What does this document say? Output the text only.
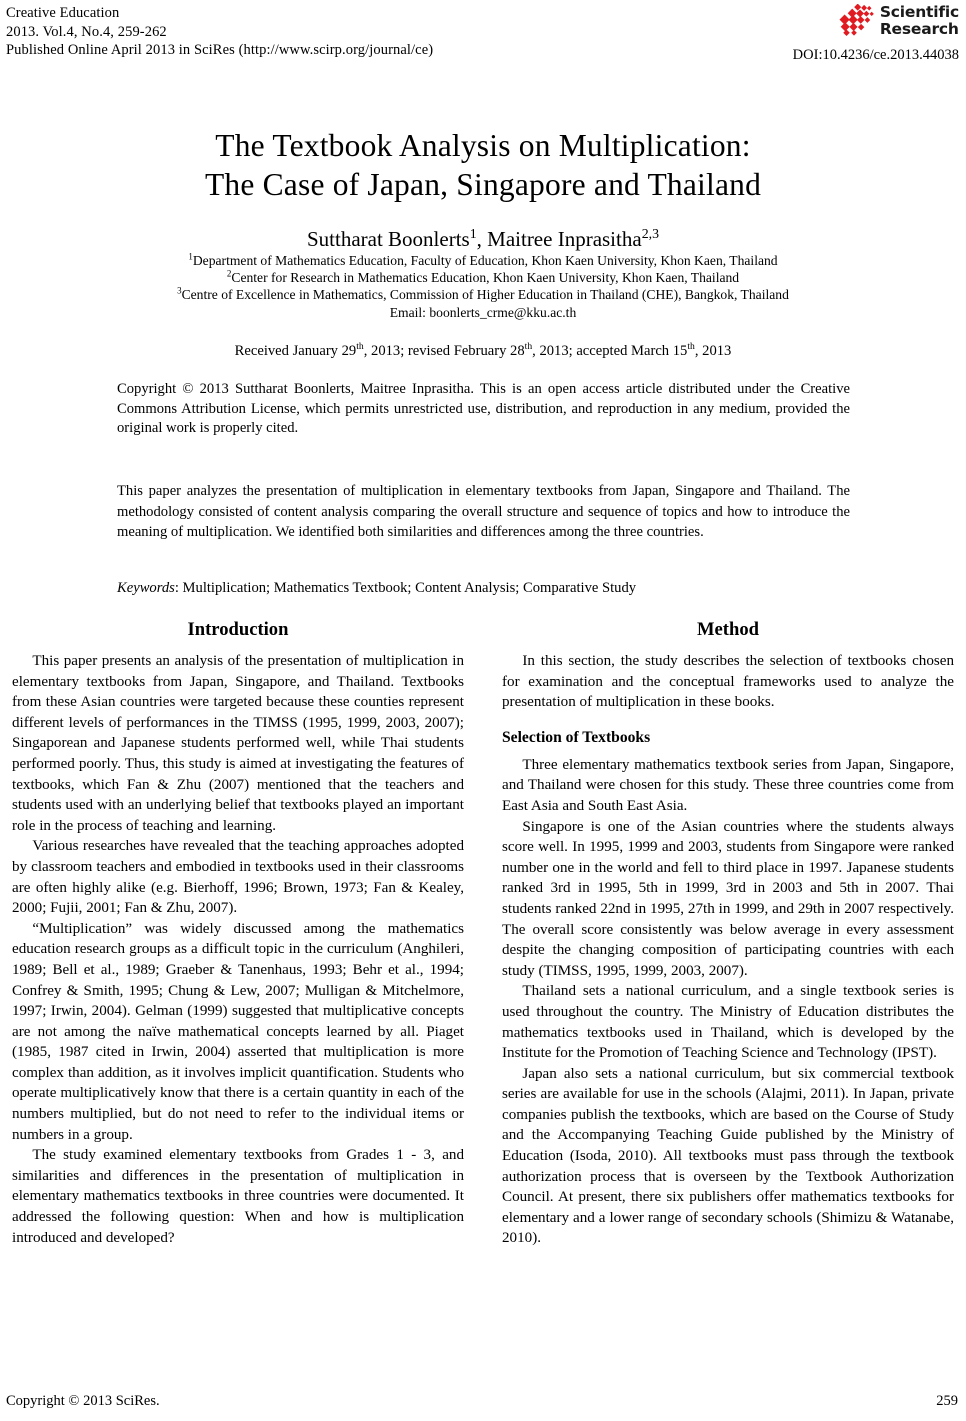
Creative Education
2013. Vol.4, No.4, 259-262
Published Online April 2013 in SciRes (http://www.scirp.org/journal/ce)
Scientific
Research
DOI:10.4236/ce.2013.44038
The Textbook Analysis on Multiplication:
The Case of Japan, Singapore and Thailand
Suttharat Boonlerts$^1$, Maitree Inprasitha$^{2,3}$
$^1$Department of Mathematics Education, Faculty of Education, Khon Kaen University, Khon Kaen, Thailand
$^2$Center for Research in Mathematics Education, Khon Kaen University, Khon Kaen, Thailand
$^3$Centre of Excellence in Mathematics, Commission of Higher Education in Thailand (CHE), Bangkok, Thailand
Email: boonlerts_crme@kku.ac.th
Received January 29th, 2013; revised February 28th, 2013; accepted March 15th, 2013
Copyright © 2013 Suttharat Boonlerts, Maitree Inprasitha. This is an open access article distributed under the Creative Commons Attribution License, which permits unrestricted use, distribution, and reproduction in any medium, provided the original work is properly cited.
This paper analyzes the presentation of multiplication in elementary textbooks from Japan, Singapore and Thailand. The methodology consisted of content analysis comparing the overall structure and sequence of topics and how to introduce the meaning of multiplication. We identified both similarities and differences among the three countries.
Keywords: Multiplication; Mathematics Textbook; Content Analysis; Comparative Study
Introduction

This paper presents an analysis of the presentation of multiplication in elementary textbooks from Japan, Singapore, and Thailand. Textbooks from these Asian countries were targeted because these counties represent different levels of performances in the TIMSS (1995, 1999, 2003, 2007); Singaporean and Japanese students performed well, while Thai students performed poorly. Thus, this study is aimed at investigating the features of textbooks, which Fan & Zhu (2007) mentioned that the teachers and students used with an underlying belief that textbooks played an important role in the process of teaching and learning.

Various researches have revealed that the teaching approaches adopted by classroom teachers and embodied in textbooks used in their classrooms are often highly alike (e.g. Bierhoff, 1996; Brown, 1973; Fan & Kealey, 2000; Fujii, 2001; Fan & Zhu, 2007).

“Multiplication” was widely discussed among the mathematics education research groups as a difficult topic in the curriculum (Anghileri, 1989; Bell et al., 1989; Graeber & Tanenhaus, 1993; Behr et al., 1994; Confrey & Smith, 1995; Chung & Lew, 2007; Mulligan & Mitchelmore, 1997; Irwin, 2004). Gelman (1999) suggested that multiplicative concepts are not among the naïve mathematical concepts learned by all. Piaget (1985, 1987 cited in Irwin, 2004) asserted that multiplication is more complex than addition, as it involves implicit quantification. Students who operate multiplicatively know that there is a certain quantity in each of the numbers multiplied, but do not need to refer to the individual items or numbers in a group.

The study examined elementary textbooks from Grades 1 - 3, and similarities and differences in the presentation of multiplication in elementary mathematics textbooks in three countries were documented. It addressed the following question: When and how is multiplication introduced and developed?

Method

In this section, the study describes the selection of textbooks chosen for examination and the conceptual frameworks used to analyze the presentation of multiplication in these books.

Selection of Textbooks

Three elementary mathematics textbook series from Japan, Singapore, and Thailand were chosen for this study. These three countries come from East Asia and South East Asia.

Singapore is one of the Asian countries where the students always score well. In 1995, 1999 and 2003, students from Singapore were ranked number one in the world and fell to third place in 1997. Japanese students ranked 3rd in 1995, 5th in 1999, 3rd in 2003 and 5th in 2007. Thai students ranked 22nd in 1995, 27th in 1999, and 29th in 2007 respectively. The overall score consistently was below average in every assessment despite the changing composition of participating countries with each study (TIMSS, 1995, 1999, 2003, 2007).

Thailand sets a national curriculum, and a single textbook series is used throughout the country. The Ministry of Education distributes the mathematics textbooks used in Thailand, which is developed by the Institute for the Promotion of Teaching Science and Technology (IPST).

Japan also sets a national curriculum, but six commercial textbook series are available for use in the schools (Alajmi, 2011). In Japan, private companies publish the textbooks, which are based on the Course of Study and the Accompanying Teaching Guide published by the Ministry of Education (Isoda, 2010). All textbooks must pass through the textbook authorization process that is overseen by the Textbook Authorization Council. At present, there six publishers offer mathematics textbooks for elementary and a lower range of secondary schools (Shimizu & Watanabe, 2010).

Copyright © 2013 SciRes.	259
